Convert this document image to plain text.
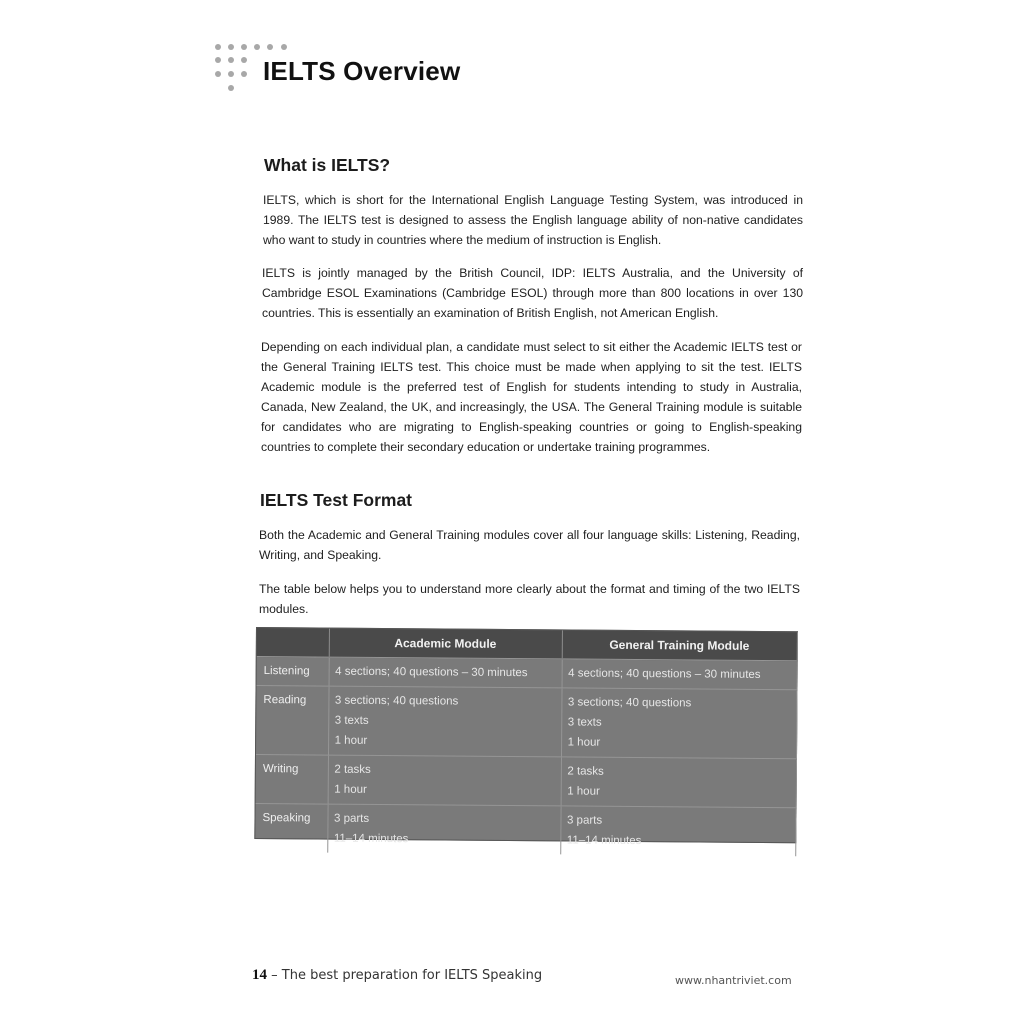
IELTS Overview
What is IELTS?

IELTS, which is short for the International English Language Testing System, was introduced in 1989. The IELTS test is designed to assess the English language ability of non-native candidates who want to study in countries where the medium of instruction is English.

IELTS is jointly managed by the British Council, IDP: IELTS Australia, and the University of Cambridge ESOL Examinations (Cambridge ESOL) through more than 800 locations in over 130 countries. This is essentially an examination of British English, not American English.

Depending on each individual plan, a candidate must select to sit either the Academic IELTS test or the General Training IELTS test. This choice must be made when applying to sit the test. IELTS Academic module is the preferred test of English for students intending to study in Australia, Canada, New Zealand, the UK, and increasingly, the USA. The General Training module is suitable for candidates who are migrating to English-speaking countries or going to English-speaking countries to complete their secondary education or undertake training programmes.

IELTS Test Format

Both the Academic and General Training modules cover all four language skills: Listening, Reading, Writing, and Speaking.

The table below helps you to understand more clearly about the format and timing of the two IELTS modules.

	Academic Module	General Training Module
Listening	4 sections; 40 questions – 30 minutes	4 sections; 40 questions – 30 minutes

Reading	3 sections; 40 questions
3 texts
1 hour	3 sections; 40 questions
3 texts
1 hour

Writing	2 tasks
1 hour	2 tasks
1 hour

Speaking	3 parts
11–14 minutes	3 parts
11–14 minutes
14 – The best preparation for IELTS Speaking	www.nhantriviet.com
